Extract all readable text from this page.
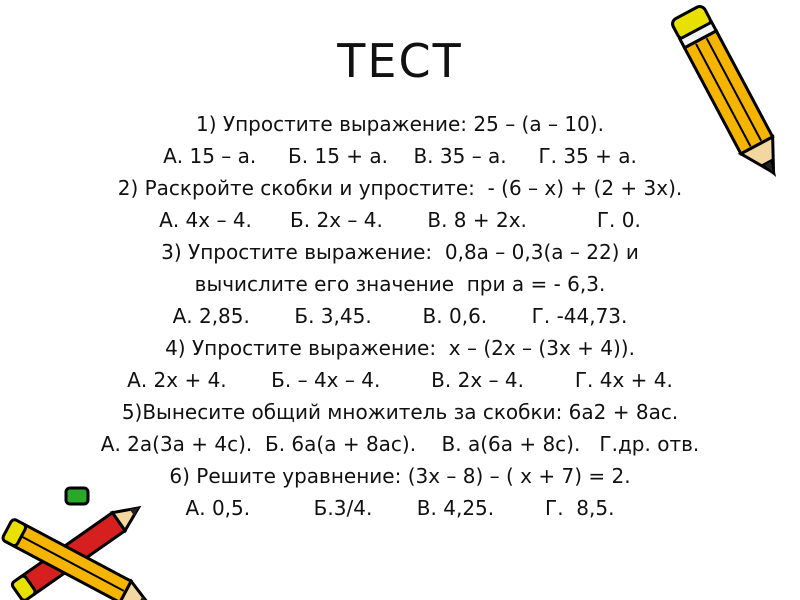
ТЕСТ
1) Упростите выражение: 25 – (а – 10).
А. 15 – а.     Б. 15 + а.    В. 35 – а.     Г. 35 + а.
2) Раскройте скобки и упростите:  - (6 – х) + (2 + 3х).
А. 4х – 4.      Б. 2х – 4.       В. 8 + 2х.           Г. 0.
3) Упростите выражение:  0,8а – 0,3(а – 22) и
вычислите его значение  при а = - 6,3.
А. 2,85.       Б. 3,45.        В. 0,6.       Г. -44,73.
4) Упростите выражение:  х – (2х – (3х + 4)).
А. 2х + 4.       Б. – 4х – 4.        В. 2х – 4.        Г. 4х + 4.
5)Вынесите общий множитель за скобки: 6а2 + 8ас.
А. 2а(3а + 4с).  Б. 6а(а + 8ас).    В. а(6а + 8с).   Г.др. отв.
6) Решите уравнение: (3х – 8) – ( х + 7) = 2.
А. 0,5.          Б.3/4.       В. 4,25.        Г.  8,5.
